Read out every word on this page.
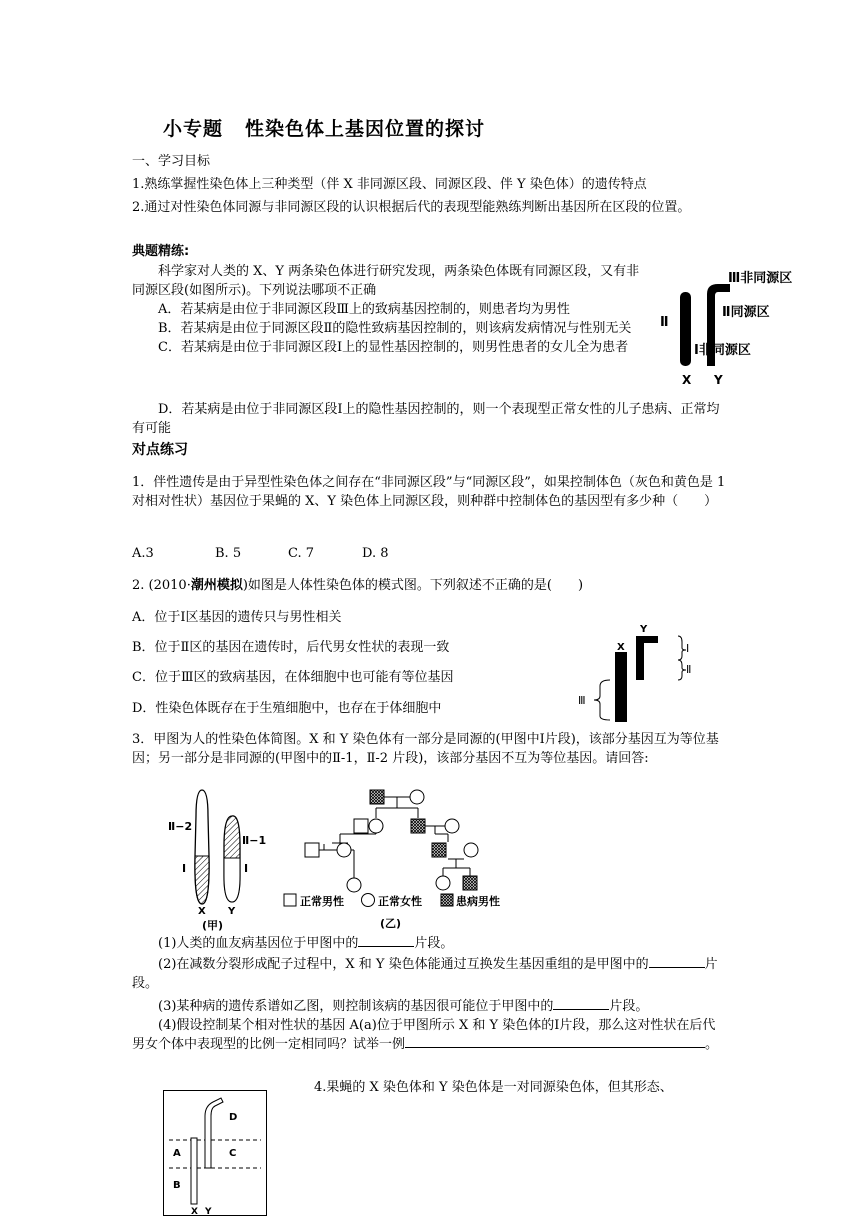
小专题 性染色体上基因位置的探讨

一、学习目标

1.熟练掌握性染色体上三种类型（伴 X 非同源区段、同源区段、伴 Y 染色体）的遗传特点

2.通过对性染色体同源与非同源区段的认识根据后代的表现型能熟练判断出基因所在区段的位置。

典题精练:

科学家对人类的 X、Y 两条染色体进行研究发现，两条染色体既有同源区段，又有非同源区段(如图所示)。下列说法哪项不正确
A．若某病是由位于非同源区段Ⅲ上的致病基因控制的，则患者均为男性
B．若某病是由位于同源区段Ⅱ的隐性致病基因控制的，则该病发病情况与性别无关
C．若某病是由位于非同源区段Ⅰ上的显性基因控制的，则男性患者的女儿全为患者
D．若某病是由位于非同源区段Ⅰ上的隐性基因控制的，则一个表现型正常女性的儿子患病、正常均有可能
Ⅲ非同源区
Ⅱ同源区
Ⅱ
Ⅰ非同源区
X Y

对点练习

1．伴性遗传是由于异型性染色体之间存在“非同源区段”与“同源区段”，如果控制体色（灰色和黄色是 1 对相对性状）基因位于果蝇的 X、Y 染色体上同源区段，则种群中控制体色的基因型有多少种（　　）

A.3	B. 5	C. 7	D. 8
2. (2010·潮州模拟)如图是人体性染色体的模式图。下列叙述不正确的是(　　)
A．位于Ⅰ区基因的遗传只与男性相关
B．位于Ⅱ区的基因在遗传时，后代男女性状的表现一致
C．位于Ⅲ区的致病基因，在体细胞中也可能有等位基因
D．性染色体既存在于生殖细胞中，也存在于体细胞中
X
Y
Ⅰ
Ⅱ
Ⅲ

3．甲图为人的性染色体简图。X 和 Y 染色体有一部分是同源的(甲图中Ⅰ片段)，该部分基因互为等位基因；另一部分是非同源的(甲图中的Ⅱ-1，Ⅱ-2 片段)，该部分基因不互为等位基因。请回答:

Ⅱ−2
Ⅱ−1
Ⅰ	Ⅰ
X Y
(甲)
正常男性	正常女性	患病男性
(乙)
(1)人类的血友病基因位于甲图中的	片段。
(2)在减数分裂形成配子过程中，X 和 Y 染色体能通过互换发生基因重组的是甲图中的	片段。
(3)某种病的遗传系谱如乙图，则控制该病的基因很可能位于甲图中的	片段。
(4)假设控制某个相对性状的基因 A(a)位于甲图所示 X 和 Y 染色体的Ⅰ片段，那么这对性状在后代男女个体中表现型的比例一定相同吗？试举一例	。
4.果蝇的 X 染色体和 Y 染色体是一对同源染色体，但其形态、
D
A	C
B
X Y
